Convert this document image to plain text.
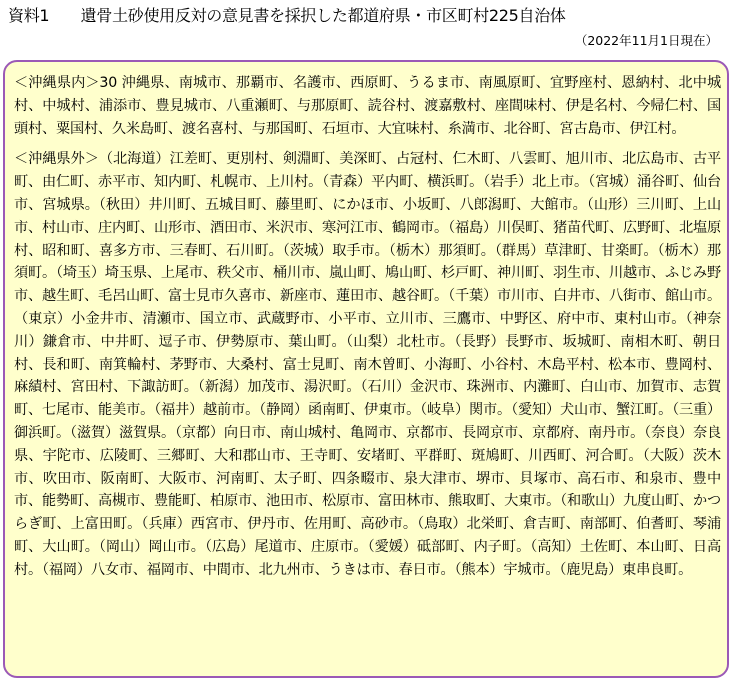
資料1　　遺骨土砂使用反対の意見書を採択した都道府県・市区町村225自治体
（2022年11月1日現在）

＜沖縄県内＞30 沖縄県、南城市、那覇市、名護市、西原町、うるま市、南風原町、宜野座村、恩納村、北中城村、中城村、浦添市、豊見城市、八重瀬町、与那原町、読谷村、渡嘉敷村、座間味村、伊是名村、今帰仁村、国頭村、粟国村、久米島町、渡名喜村、与那国町、石垣市、大宜味村、糸満市、北谷町、宮古島市、伊江村。

＜沖縄県外＞（北海道）江差町、更別村、剣淵町、美深町、占冠村、仁木町、八雲町、旭川市、北広島市、古平町、由仁町、赤平市、知内町、札幌市、上川村。（青森）平内町、横浜町。（岩手）北上市。（宮城）涌谷町、仙台市、宮城県。（秋田）井川町、五城目町、藤里町、にかほ市、小坂町、八郎潟町、大館市。（山形）三川町、上山市、村山市、庄内町、山形市、酒田市、米沢市、寒河江市、鶴岡市。（福島）川俣町、猪苗代町、広野町、北塩原村、昭和町、喜多方市、三春町、石川町。（茨城）取手市。（栃木）那須町。（群馬）草津町、甘楽町。（栃木）那須町。（埼玉）埼玉県、上尾市、秩父市、桶川市、嵐山町、鳩山町、杉戸町、神川町、羽生市、川越市、ふじみ野市、越生町、毛呂山町、富士見市久喜市、新座市、蓮田市、越谷町。（千葉）市川市、白井市、八街市、館山市。（東京）小金井市、清瀬市、国立市、武蔵野市、小平市、立川市、三鷹市、中野区、府中市、東村山市。（神奈川）鎌倉市、中井町、逗子市、伊勢原市、葉山町。（山梨）北杜市。（長野）長野市、坂城町、南相木町、朝日村、長和町、南箕輪村、茅野市、大桑村、富士見町、南木曽町、小海町、小谷村、木島平村、松本市、豊岡村、麻績村、宮田村、下諏訪町。（新潟）加茂市、湯沢町。（石川）金沢市、珠洲市、内灘町、白山市、加賀市、志賀町、七尾市、能美市。（福井）越前市。（静岡）函南町、伊東市。（岐阜）関市。（愛知）犬山市、蟹江町。（三重）御浜町。（滋賀）滋賀県。（京都）向日市、南山城村、亀岡市、京都市、長岡京市、京都府、南丹市。（奈良）奈良県、宇陀市、広陵町、三郷町、大和郡山市、王寺町、安堵町、平群町、斑鳩町、川西町、河合町。（大阪）茨木市、吹田市、阪南町、大阪市、河南町、太子町、四条畷市、泉大津市、堺市、貝塚市、高石市、和泉市、豊中市、能勢町、高槻市、豊能町、柏原市、池田市、松原市、富田林市、熊取町、大東市。（和歌山）九度山町、かつらぎ町、上富田町。（兵庫）西宮市、伊丹市、佐用町、高砂市。（鳥取）北栄町、倉吉町、南部町、伯耆町、琴浦町、大山町。（岡山）岡山市。（広島）尾道市、庄原市。（愛媛）砥部町、内子町。（高知）土佐町、本山町、日高村。（福岡）八女市、福岡市、中間市、北九州市、うきは市、春日市。（熊本）宇城市。（鹿児島）東串良町。
